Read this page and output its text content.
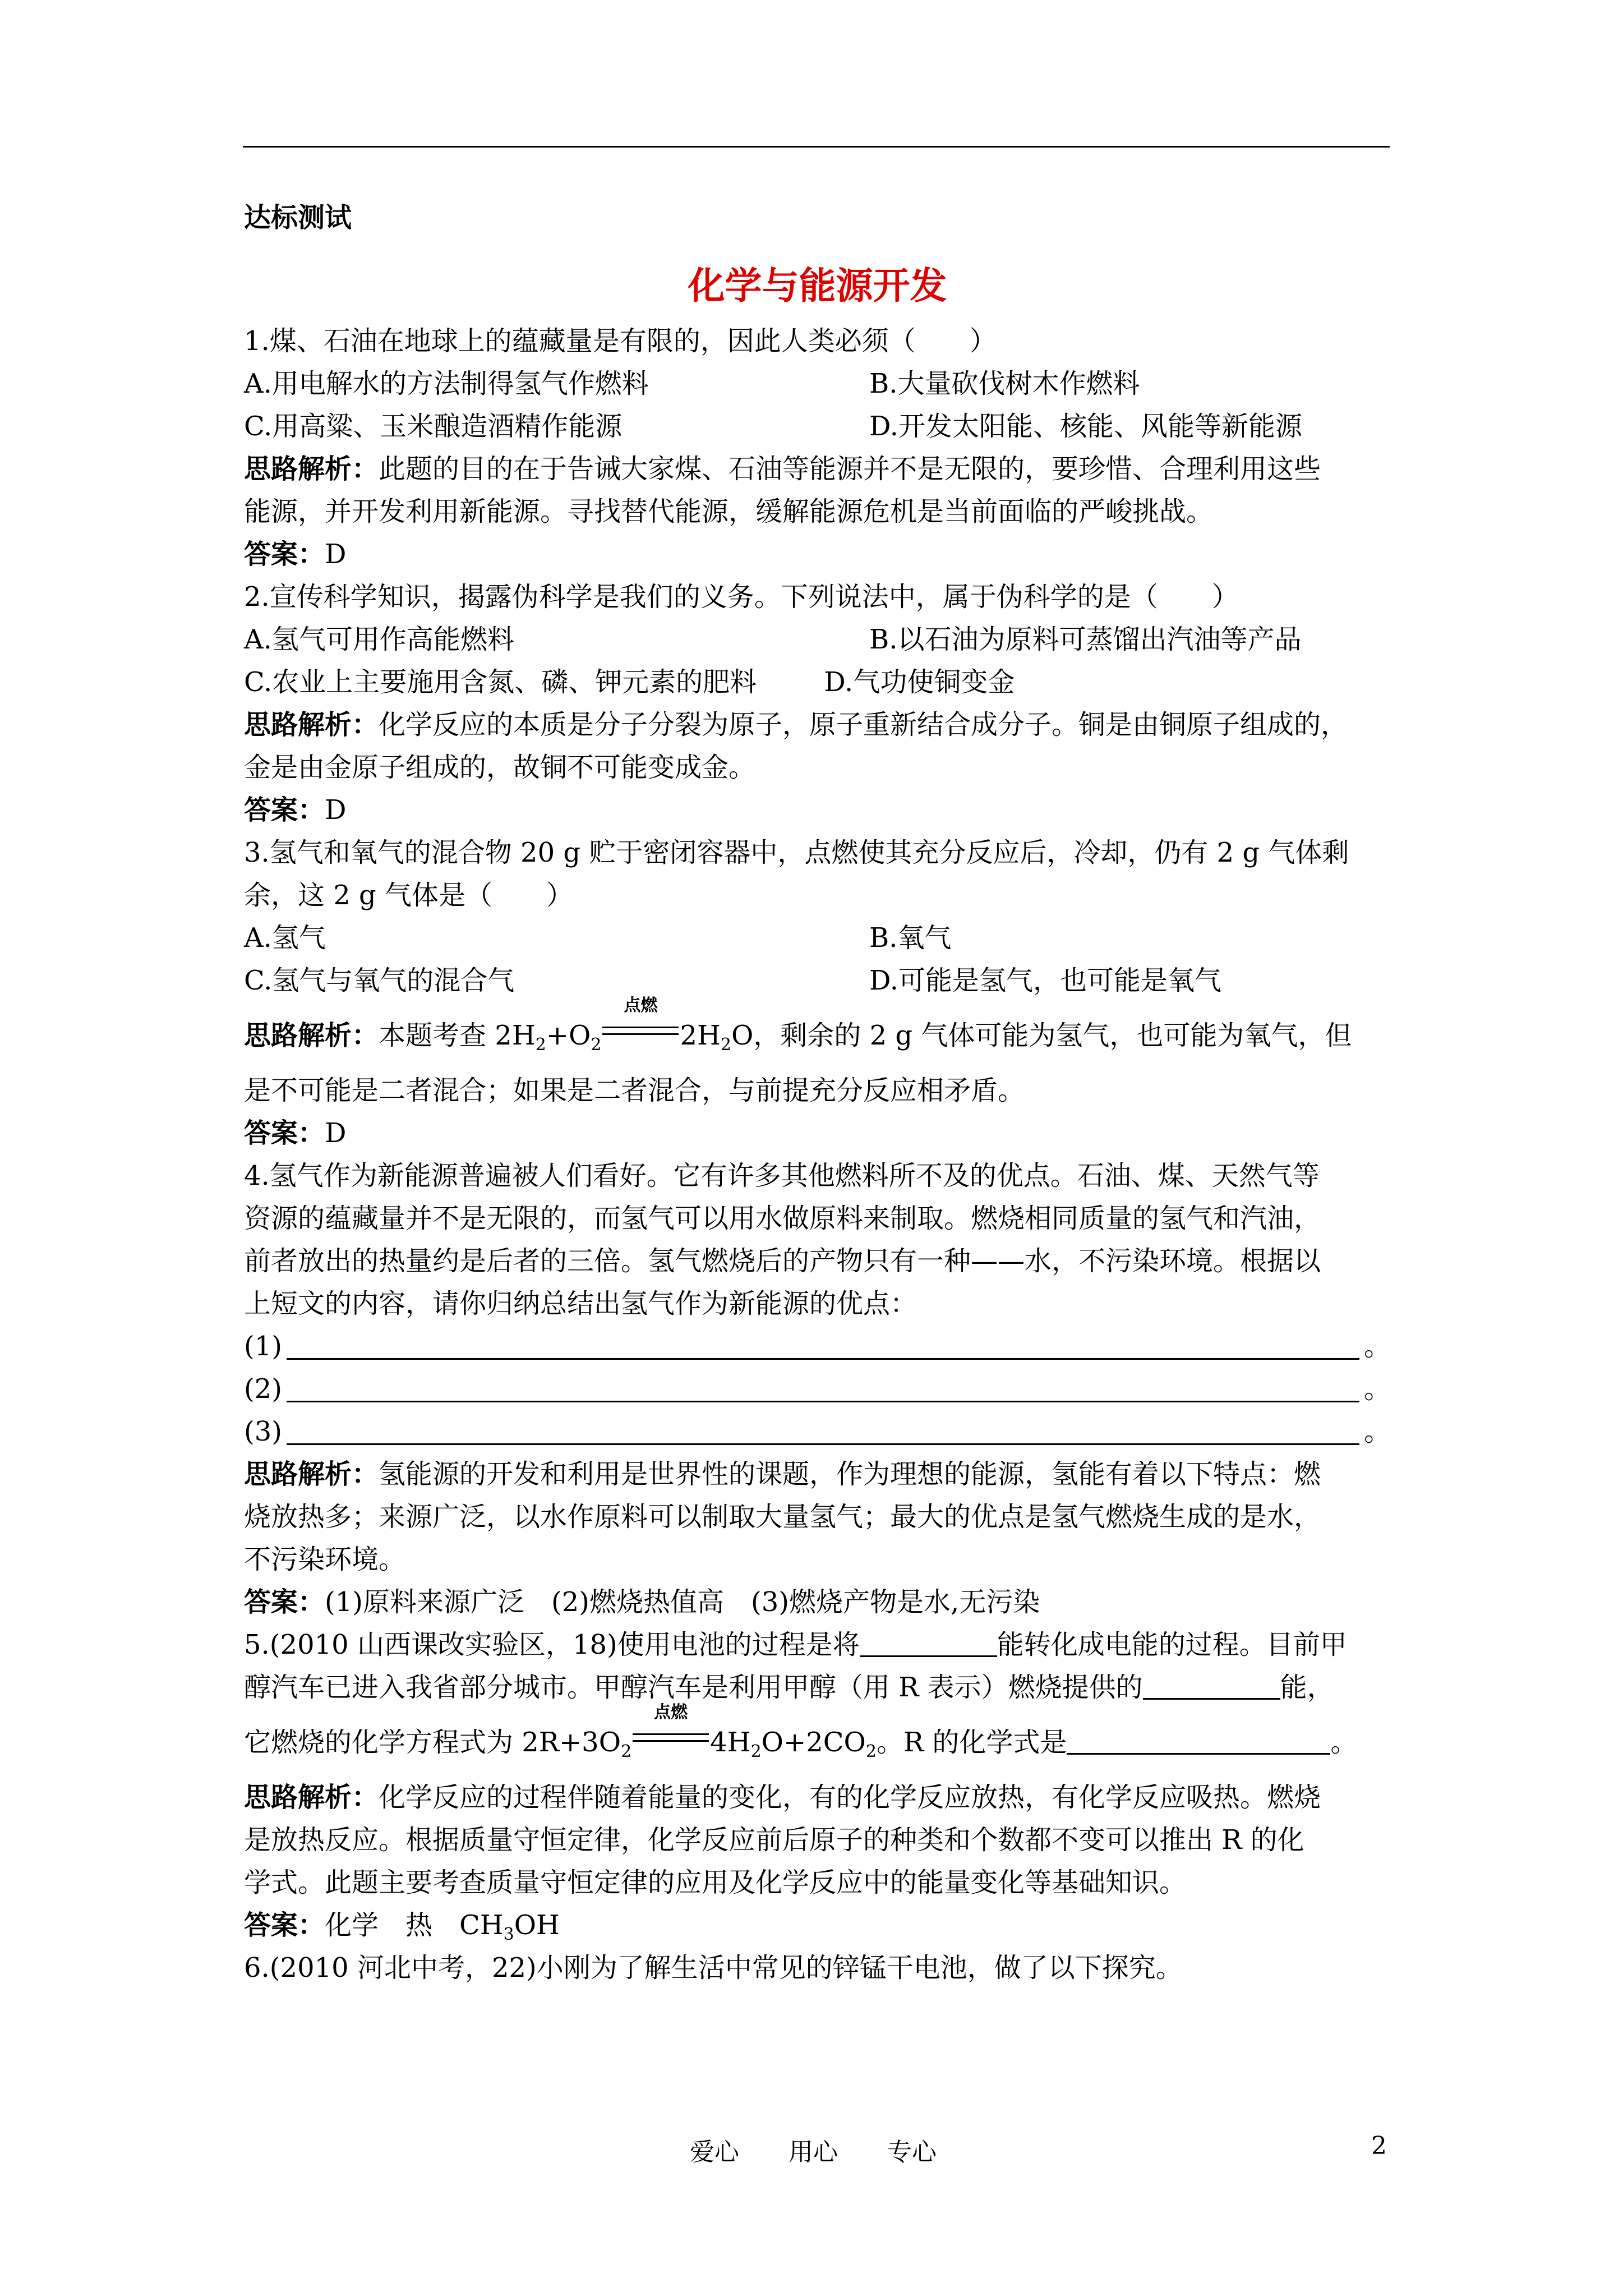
达标测试

化学与能源开发

1.煤、石油在地球上的蕴藏量是有限的，因此人类必须（　　）

A.用电解水的方法制得氢气作燃料	B.大量砍伐树木作燃料

C.用高粱、玉米酿造酒精作能源	D.开发太阳能、核能、风能等新能源

思路解析：此题的目的在于告诫大家煤、石油等能源并不是无限的，要珍惜、合理利用这些

能源，并开发利用新能源。寻找替代能源，缓解能源危机是当前面临的严峻挑战。

答案：D

2.宣传科学知识，揭露伪科学是我们的义务。下列说法中，属于伪科学的是（　　）

A.氢气可用作高能燃料	B.以石油为原料可蒸馏出汽油等产品

C.农业上主要施用含氮、磷、钾元素的肥料	D.气功使铜变金

思路解析：化学反应的本质是分子分裂为原子，原子重新结合成分子。铜是由铜原子组成的，

金是由金原子组成的，故铜不可能变成金。

答案：D

3.氢气和氧气的混合物 20 g 贮于密闭容器中，点燃使其充分反应后，冷却，仍有 2 g 气体剩

余，这 2 g 气体是（　　）

A.氢气	B.氧气

C.氢气与氧气的混合气	D.可能是氢气，也可能是氧气

思路解析：本题考查 $2H_2+O_2$
点燃
$2H_2O$，剩余的 2 g 气体可能为氢气，也可能为氧气，但

是不可能是二者混合；如果是二者混合，与前提充分反应相矛盾。

答案：D

4.氢气作为新能源普遍被人们看好。它有许多其他燃料所不及的优点。石油、煤、天然气等

资源的蕴藏量并不是无限的，而氢气可以用水做原料来制取。燃烧相同质量的氢气和汽油，

前者放出的热量约是后者的三倍。氢气燃烧后的产物只有一种——水，不污染环境。根据以

上短文的内容，请你归纳总结出氢气作为新能源的优点：

(1)	。

(2)	。

(3)	。

思路解析：氢能源的开发和利用是世界性的课题，作为理想的能源，氢能有着以下特点：燃

烧放热多；来源广泛，以水作原料可以制取大量氢气；最大的优点是氢气燃烧生成的是水，

不污染环境。

答案：(1)原料来源广泛　(2)燃烧热值高　(3)燃烧产物是水,无污染

5.(2010 山西课改实验区，18)使用电池的过程是将	能转化成电能的过程。目前甲

醇汽车已进入我省部分城市。甲醇汽车是利用甲醇（用 R 表示）燃烧提供的	能，

它燃烧的化学方程式为 $2R+3O_2$
点燃
$4H_2O+2CO_2$。R 的化学式是	。

思路解析：化学反应的过程伴随着能量的变化，有的化学反应放热，有化学反应吸热。燃烧

是放热反应。根据质量守恒定律，化学反应前后原子的种类和个数都不变可以推出 R 的化

学式。此题主要考查质量守恒定律的应用及化学反应中的能量变化等基础知识。

答案：化学　热　$CH_3OH$

6.(2010 河北中考，22)小刚为了解生活中常见的锌锰干电池，做了以下探究。

爱心　　用心　　专心	2
